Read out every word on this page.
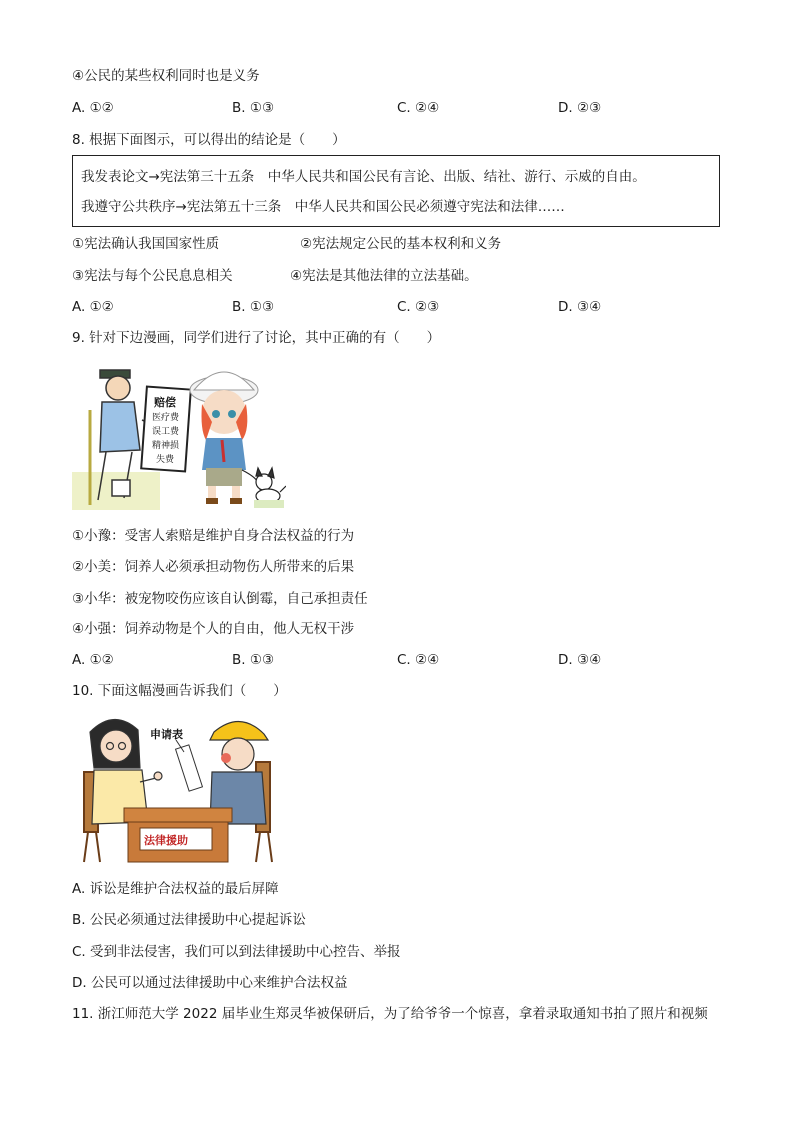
④公民的某些权利同时也是义务
A. ①②	B. ①③	C. ②④	D. ②③
8. 根据下面图示，可以得出的结论是（　　）
我发表论文→宪法第三十五条　中华人民共和国公民有言论、出版、结社、游行、示威的自由。
我遵守公共秩序→宪法第五十三条　中华人民共和国公民必须遵守宪法和法律……
①宪法确认我国国家性质	②宪法规定公民的基本权利和义务
③宪法与每个公民息息相关	④宪法是其他法律的立法基础。
A. ①②	B. ①③	C. ②③	D. ③④
9. 针对下边漫画，同学们进行了讨论，其中正确的有（　　）
赔偿
医疗费
误工费
精神损
失费
①小豫：受害人索赔是维护自身合法权益的行为
②小美：饲养人必须承担动物伤人所带来的后果
③小华：被宠物咬伤应该自认倒霉，自己承担责任
④小强：饲养动物是个人的自由，他人无权干涉
A. ①②	B. ①③	C. ②④	D. ③④
10. 下面这幅漫画告诉我们（　　）
申请表
法律援助
A. 诉讼是维护合法权益的最后屏障
B. 公民必须通过法律援助中心提起诉讼
C. 受到非法侵害，我们可以到法律援助中心控告、举报
D. 公民可以通过法律援助中心来维护合法权益
11. 浙江师范大学 2022 届毕业生郑灵华被保研后，为了给爷爷一个惊喜，拿着录取通知书拍了照片和视频
